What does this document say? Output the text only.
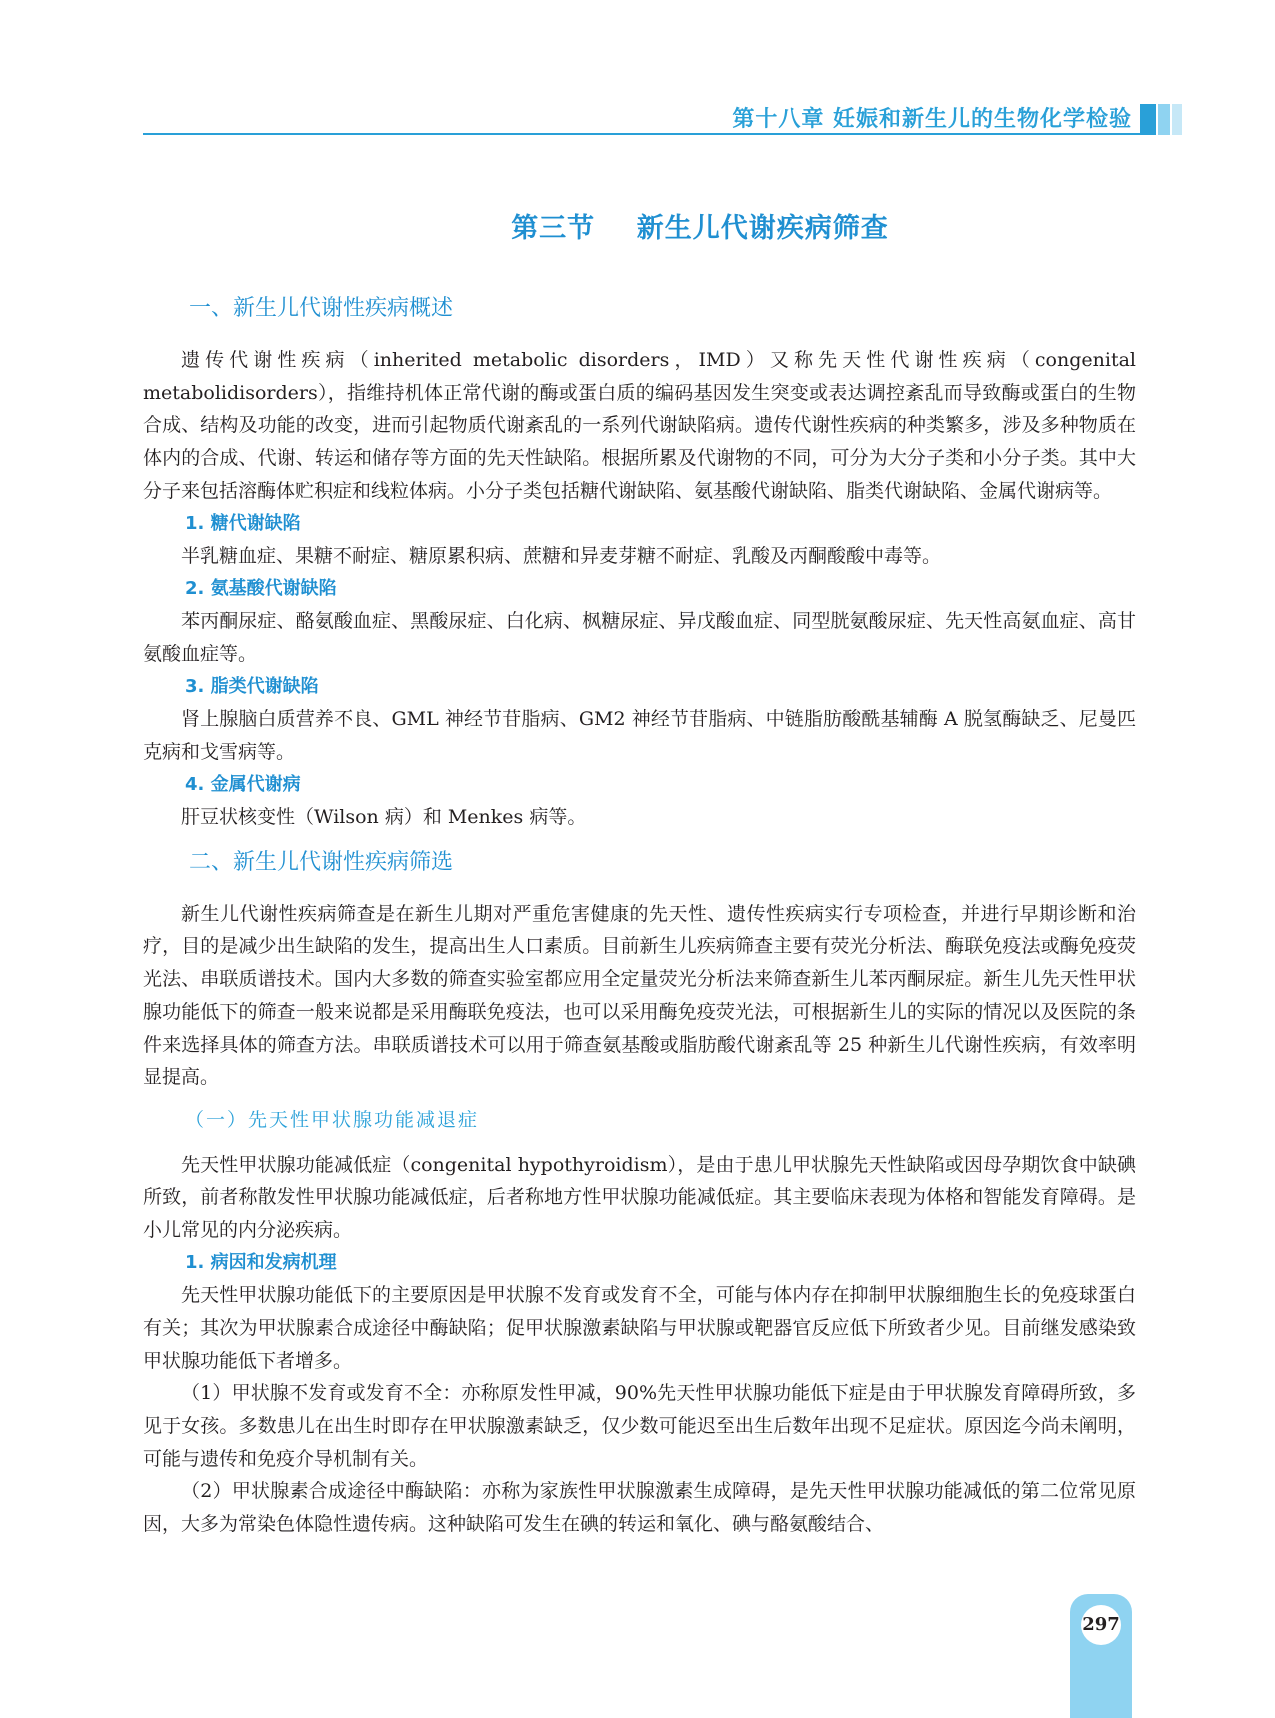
第十八章 妊娠和新生儿的生物化学检验
第三节    新生儿代谢疾病筛查
一、新生儿代谢性疾病概述

遗传代谢性疾病（inherited metabolic disorders，IMD）又称先天性代谢性疾病（congenital metabolidisorders），指维持机体正常代谢的酶或蛋白质的编码基因发生突变或表达调控紊乱而导致酶或蛋白的生物合成、结构及功能的改变，进而引起物质代谢紊乱的一系列代谢缺陷病。遗传代谢性疾病的种类繁多，涉及多种物质在体内的合成、代谢、转运和储存等方面的先天性缺陷。根据所累及代谢物的不同，可分为大分子类和小分子类。其中大分子来包括溶酶体贮积症和线粒体病。小分子类包括糖代谢缺陷、氨基酸代谢缺陷、脂类代谢缺陷、金属代谢病等。

1. 糖代谢缺陷

半乳糖血症、果糖不耐症、糖原累积病、蔗糖和异麦芽糖不耐症、乳酸及丙酮酸酸中毒等。

2. 氨基酸代谢缺陷

苯丙酮尿症、酪氨酸血症、黑酸尿症、白化病、枫糖尿症、异戊酸血症、同型胱氨酸尿症、先天性高氨血症、高甘氨酸血症等。

3. 脂类代谢缺陷

肾上腺脑白质营养不良、GML 神经节苷脂病、GM2 神经节苷脂病、中链脂肪酸酰基辅酶 A 脱氢酶缺乏、尼曼匹克病和戈雪病等。

4. 金属代谢病

肝豆状核变性（Wilson 病）和 Menkes 病等。

二、新生儿代谢性疾病筛选

新生儿代谢性疾病筛查是在新生儿期对严重危害健康的先天性、遗传性疾病实行专项检查，并进行早期诊断和治疗，目的是减少出生缺陷的发生，提高出生人口素质。目前新生儿疾病筛查主要有荧光分析法、酶联免疫法或酶免疫荧光法、串联质谱技术。国内大多数的筛查实验室都应用全定量荧光分析法来筛查新生儿苯丙酮尿症。新生儿先天性甲状腺功能低下的筛查一般来说都是采用酶联免疫法，也可以采用酶免疫荧光法，可根据新生儿的实际的情况以及医院的条件来选择具体的筛查方法。串联质谱技术可以用于筛查氨基酸或脂肪酸代谢紊乱等 25 种新生儿代谢性疾病，有效率明显提高。

（一）先天性甲状腺功能减退症

先天性甲状腺功能减低症（congenital hypothyroidism），是由于患儿甲状腺先天性缺陷或因母孕期饮食中缺碘所致，前者称散发性甲状腺功能减低症，后者称地方性甲状腺功能减低症。其主要临床表现为体格和智能发育障碍。是小儿常见的内分泌疾病。

1. 病因和发病机理

先天性甲状腺功能低下的主要原因是甲状腺不发育或发育不全，可能与体内存在抑制甲状腺细胞生长的免疫球蛋白有关；其次为甲状腺素合成途径中酶缺陷；促甲状腺激素缺陷与甲状腺或靶器官反应低下所致者少见。目前继发感染致甲状腺功能低下者增多。

（1）甲状腺不发育或发育不全：亦称原发性甲减，90%先天性甲状腺功能低下症是由于甲状腺发育障碍所致，多见于女孩。多数患儿在出生时即存在甲状腺激素缺乏，仅少数可能迟至出生后数年出现不足症状。原因迄今尚未阐明，可能与遗传和免疫介导机制有关。

（2）甲状腺素合成途径中酶缺陷：亦称为家族性甲状腺激素生成障碍，是先天性甲状腺功能减低的第二位常见原因，大多为常染色体隐性遗传病。这种缺陷可发生在碘的转运和氧化、碘与酪氨酸结合、

297
